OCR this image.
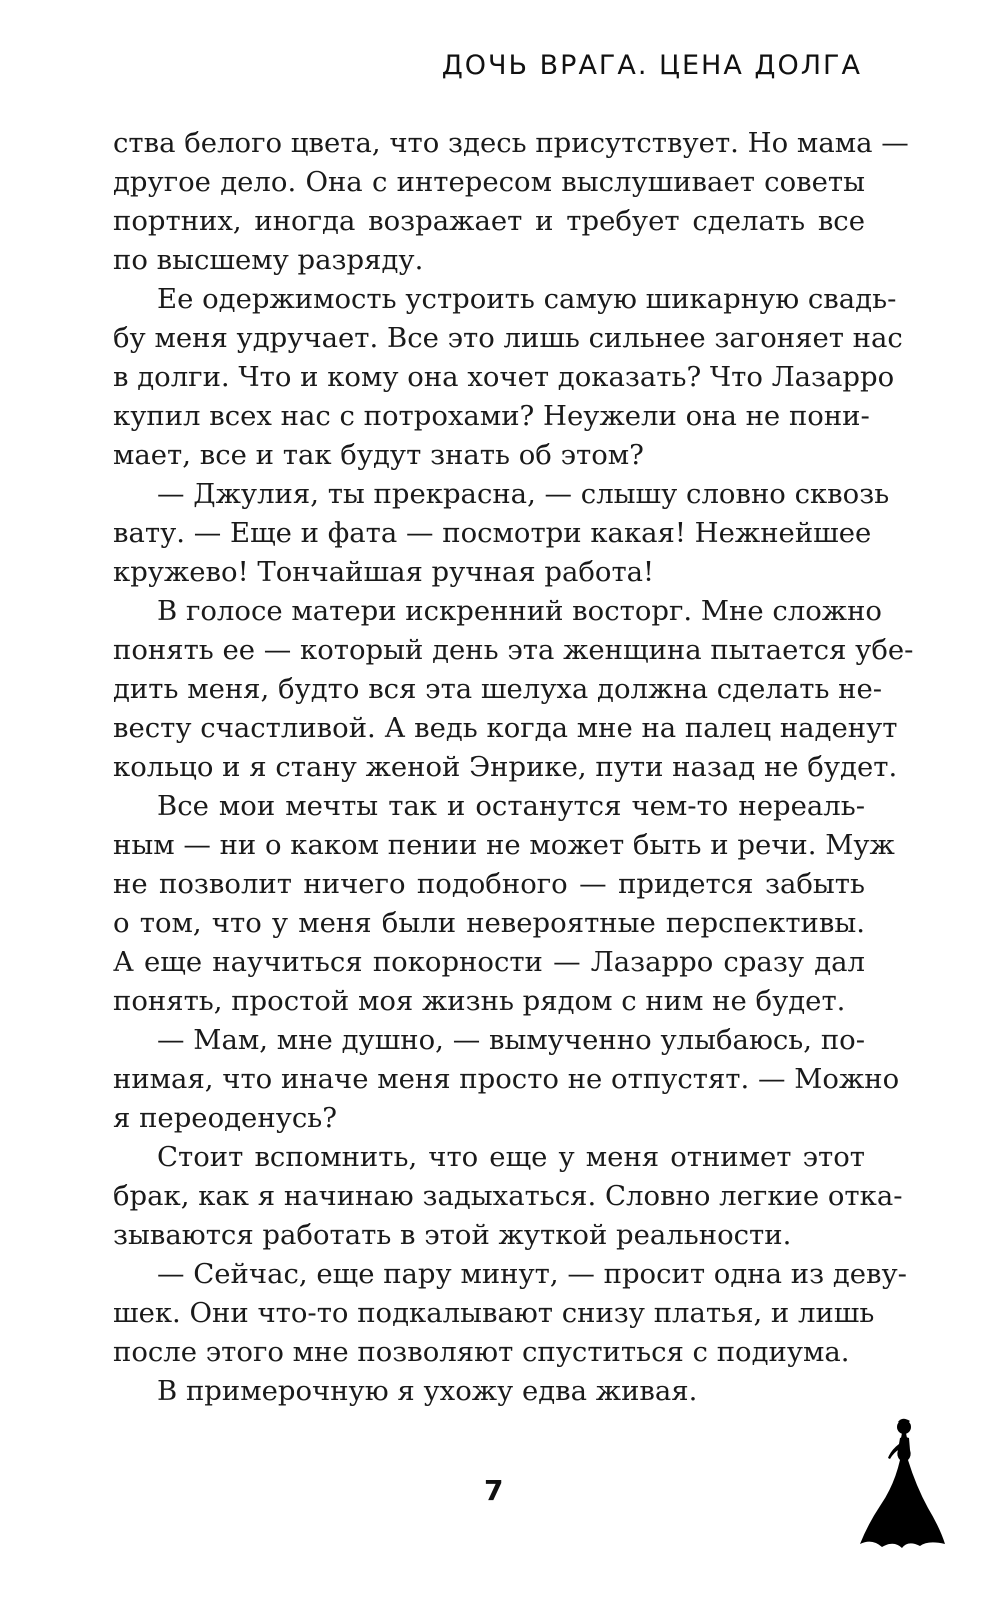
ДОЧЬ ВРАГА. ЦЕНА ДОЛГА
ства белого цвета, что здесь присутствует. Но мама —
другое дело. Она с интересом выслушивает советы
портних, иногда возражает и требует сделать все
по высшему разряду.
Ее одержимость устроить самую шикарную свадь-
бу меня удручает. Все это лишь сильнее загоняет нас
в долги. Что и кому она хочет доказать? Что Лазарро
купил всех нас с потрохами? Неужели она не пони-
мает, все и так будут знать об этом?
— Джулия, ты прекрасна, — слышу словно сквозь
вату. — Еще и фата — посмотри какая! Нежнейшее
кружево! Тончайшая ручная работа!
В голосе матери искренний восторг. Мне сложно
понять ее — который день эта женщина пытается убе-
дить меня, будто вся эта шелуха должна сделать не-
весту счастливой. А ведь когда мне на палец наденут
кольцо и я стану женой Энрике, пути назад не будет.
Все мои мечты так и останутся чем-то нереаль-
ным — ни о каком пении не может быть и речи. Муж
не позволит ничего подобного — придется забыть
о том, что у меня были невероятные перспективы.
А еще научиться покорности — Лазарро сразу дал
понять, простой моя жизнь рядом с ним не будет.
— Мам, мне душно, — вымученно улыбаюсь, по-
нимая, что иначе меня просто не отпустят. — Можно
я переоденусь?
Стоит вспомнить, что еще у меня отнимет этот
брак, как я начинаю задыхаться. Словно легкие отка-
зываются работать в этой жуткой реальности.
— Сейчас, еще пару минут, — просит одна из деву-
шек. Они что-то подкалывают снизу платья, и лишь
после этого мне позволяют спуститься с подиума.
В примерочную я ухожу едва живая.
7
